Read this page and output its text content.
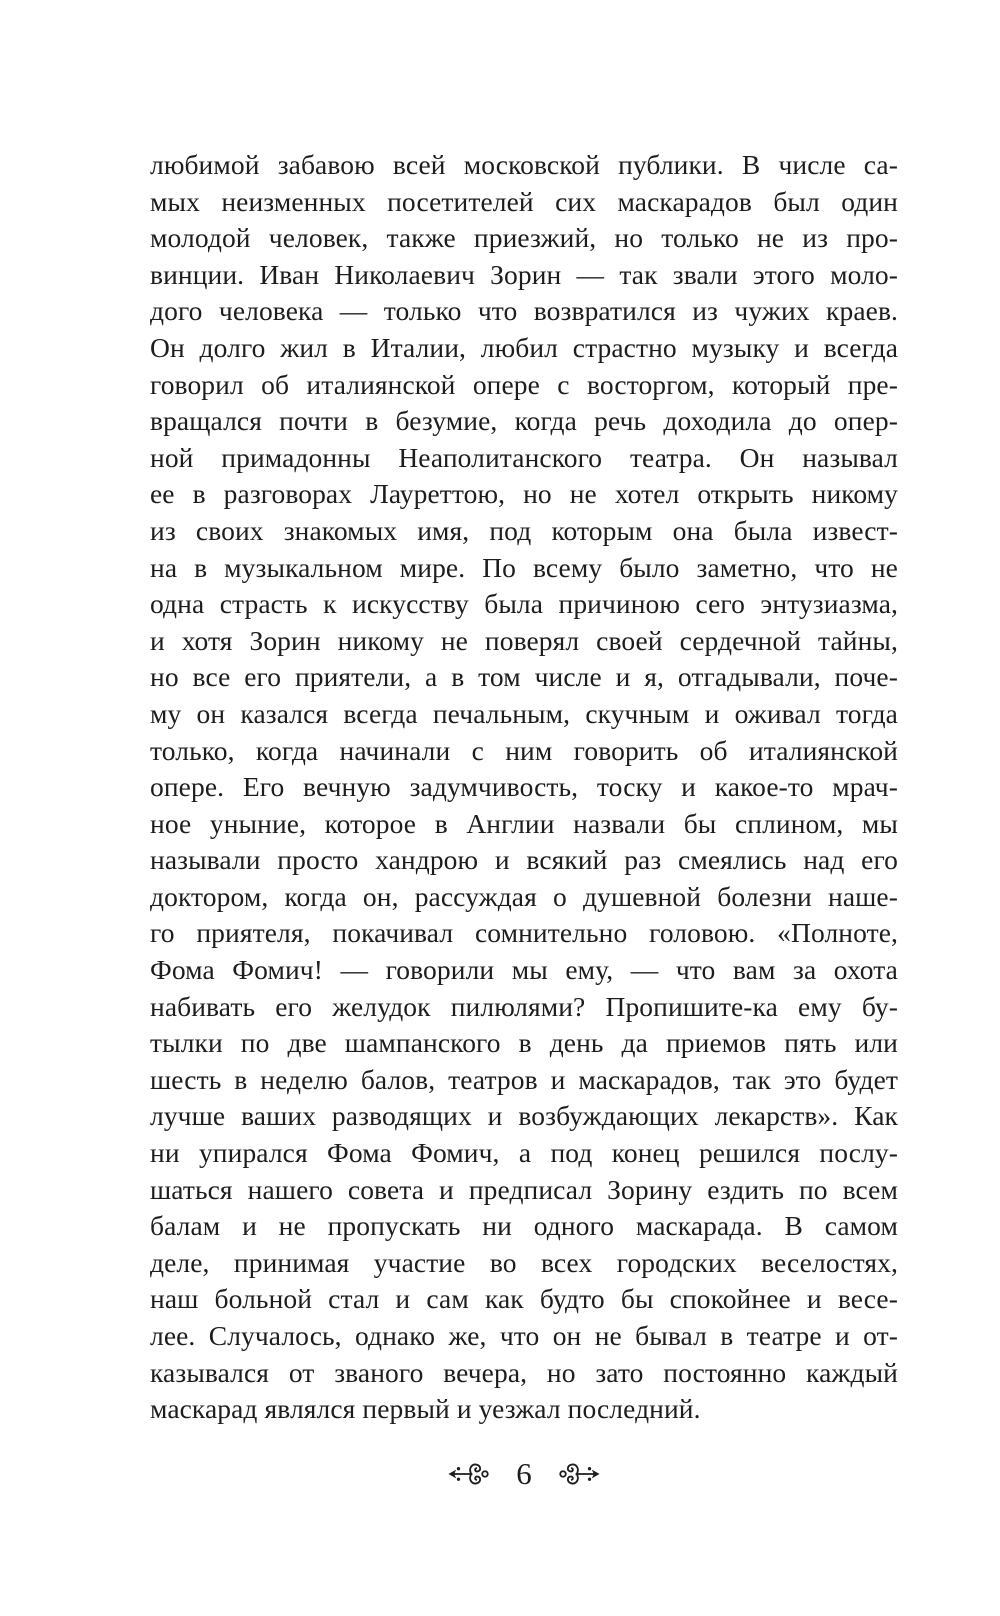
любимой забавою всей московской публики. В числе са-
мых неизменных посетителей сих маскарадов был один
молодой человек, также приезжий, но только не из про-
винции. Иван Николаевич Зорин — так звали этого моло-
дого человека — только что возвратился из чужих краев.
Он долго жил в Италии, любил страстно музыку и всегда
говорил об италиянской опере с восторгом, который пре-
вращался почти в безумие, когда речь доходила до опер-
ной примадонны Неаполитанского театра. Он называл
ее в разговорах Лауреттою, но не хотел открыть никому
из своих знакомых имя, под которым она была извест-
на в музыкальном мире. По всему было заметно, что не
одна страсть к искусству была причиною сего энтузиазма,
и хотя Зорин никому не поверял своей сердечной тайны,
но все его приятели, а в том числе и я, отгадывали, поче-
му он казался всегда печальным, скучным и оживал тогда
только, когда начинали с ним говорить об италиянской
опере. Его вечную задумчивость, тоску и какое-то мрач-
ное уныние, которое в Англии назвали бы сплином, мы
называли просто хандрою и всякий раз смеялись над его
доктором, когда он, рассуждая о душевной болезни наше-
го приятеля, покачивал сомнительно головою. «Полноте,
Фома Фомич! — говорили мы ему, — что вам за охота
набивать его желудок пилюлями? Пропишите-ка ему бу-
тылки по две шампанского в день да приемов пять или
шесть в неделю балов, театров и маскарадов, так это будет
лучше ваших разводящих и возбуждающих лекарств». Как
ни упирался Фома Фомич, а под конец решился послу-
шаться нашего совета и предписал Зорину ездить по всем
балам и не пропускать ни одного маскарада. В самом
деле, принимая участие во всех городских веселостях,
наш больной стал и сам как будто бы спокойнее и весе-
лее. Случалось, однако же, что он не бывал в театре и от-
казывался от званого вечера, но зато постоянно каждый
маскарад являлся первый и уезжал последний.
6
